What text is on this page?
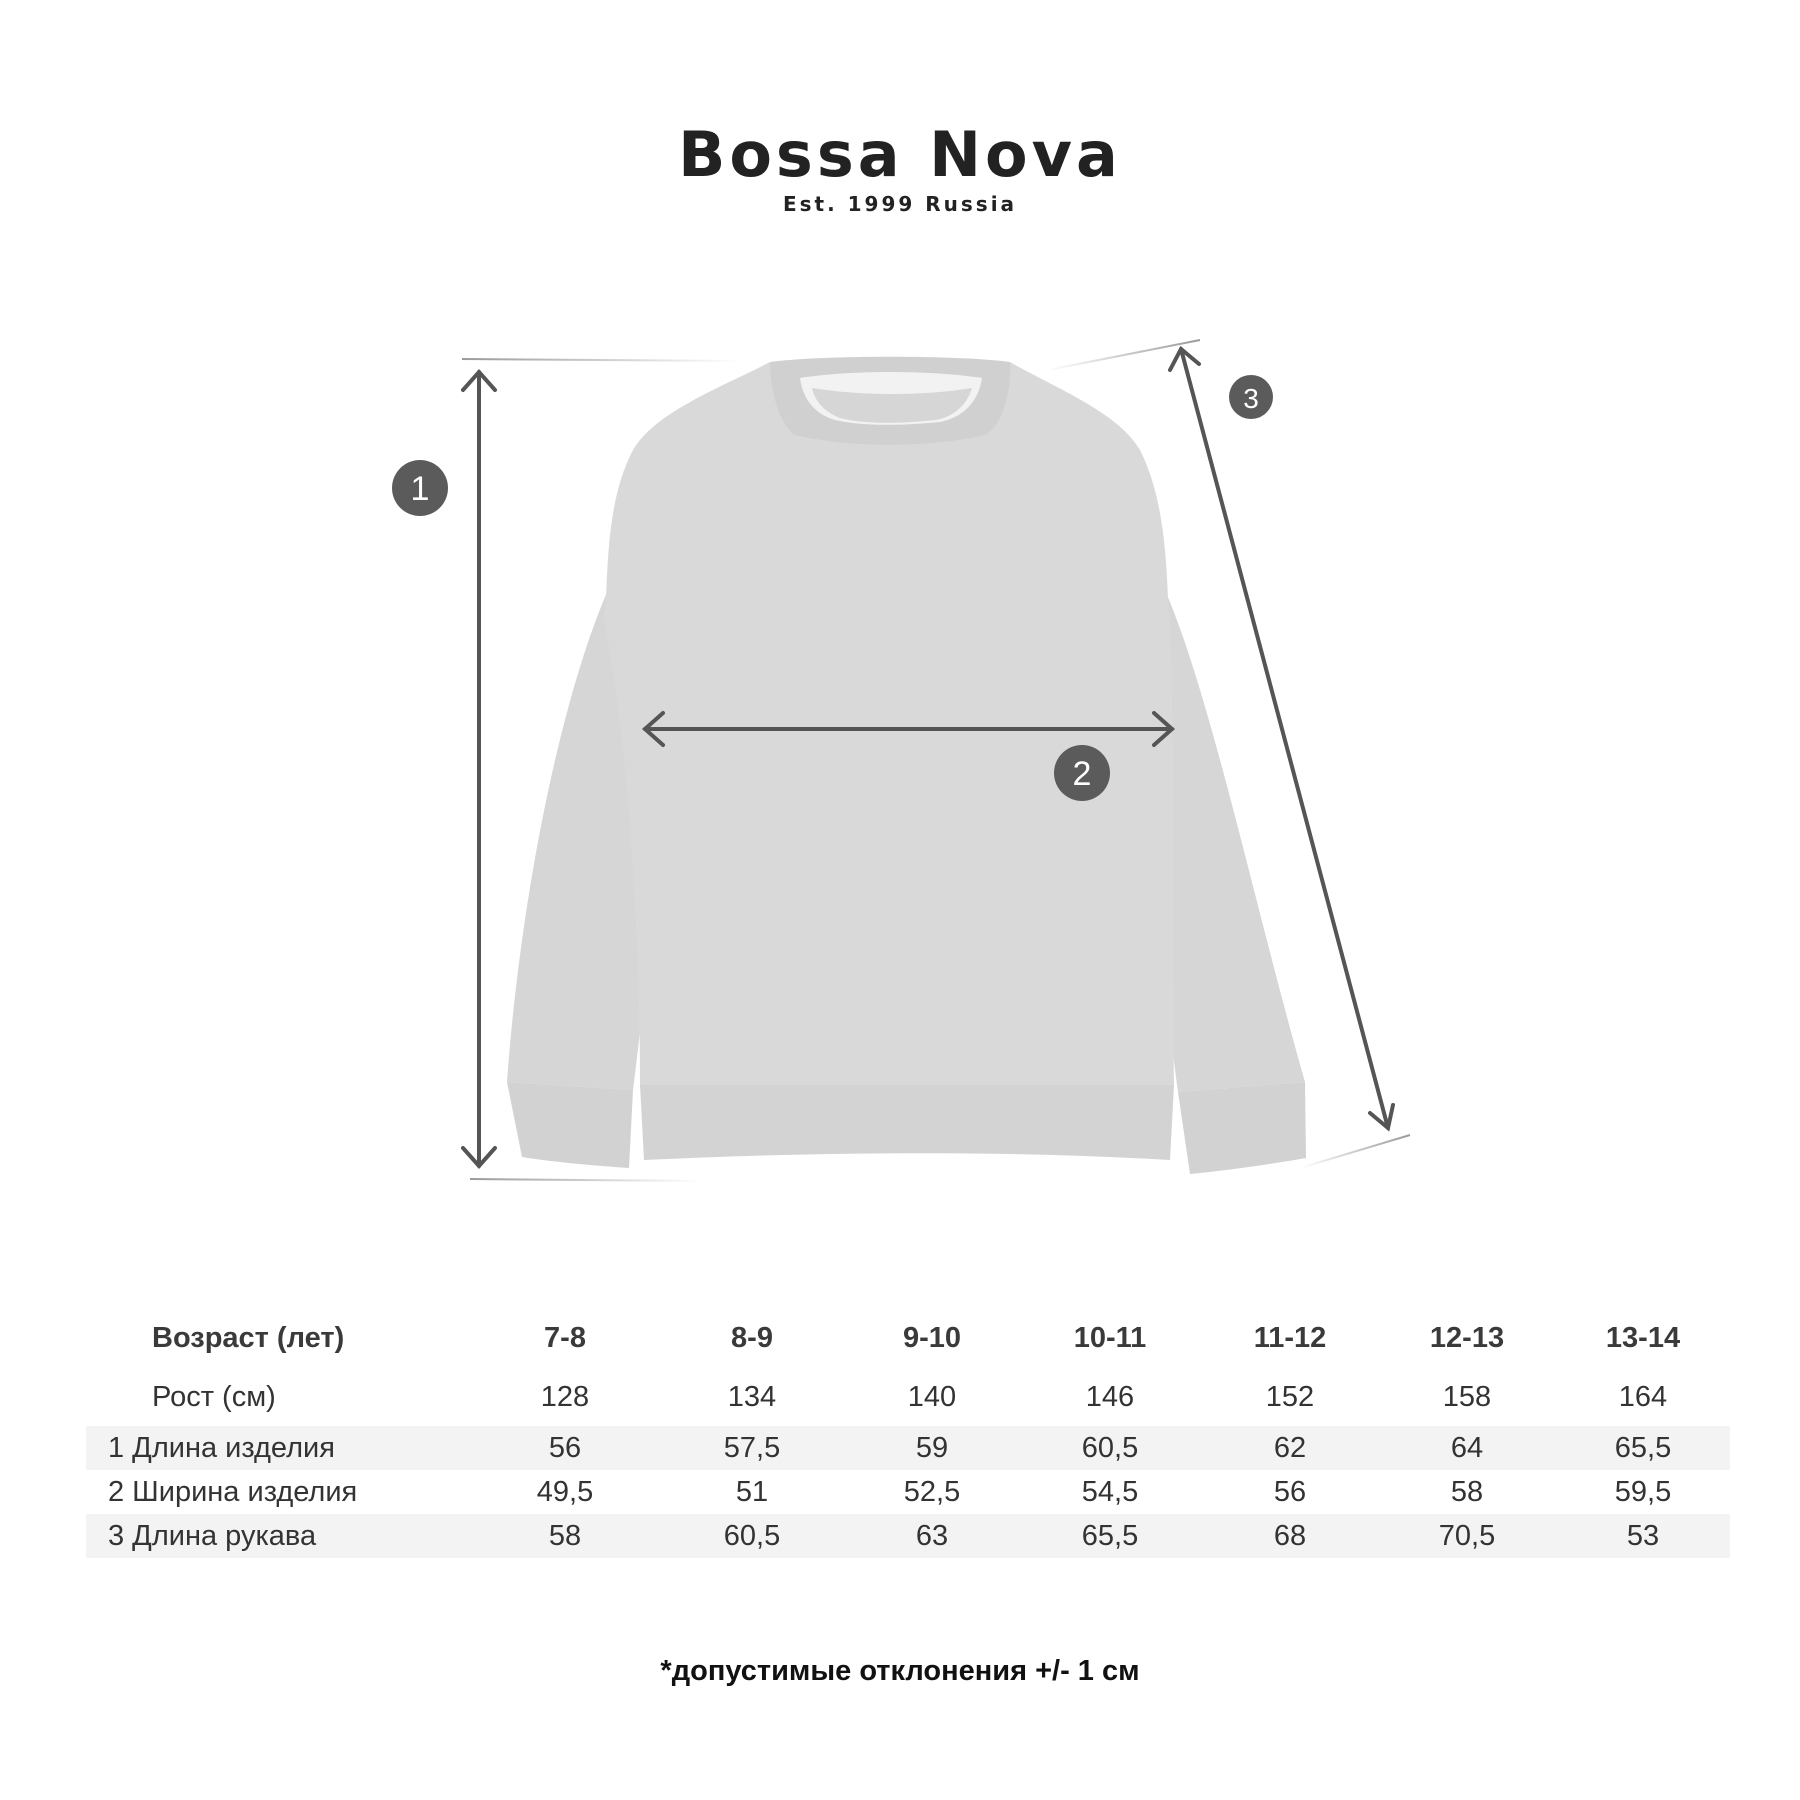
Bossa Nova
Est. 1999 Russia
1
2
3
Возраст (лет)	7-8	8-9	9-10	10-11	11-12	12-13	13-14
Рост (см)	128	134	140	146	152	158	164
1 Длина изделия	56	57,5	59	60,5	62	64	65,5
2 Ширина изделия	49,5	51	52,5	54,5	56	58	59,5
3 Длина рукава	58	60,5	63	65,5	68	70,5	53
*допустимые отклонения +/- 1 см
